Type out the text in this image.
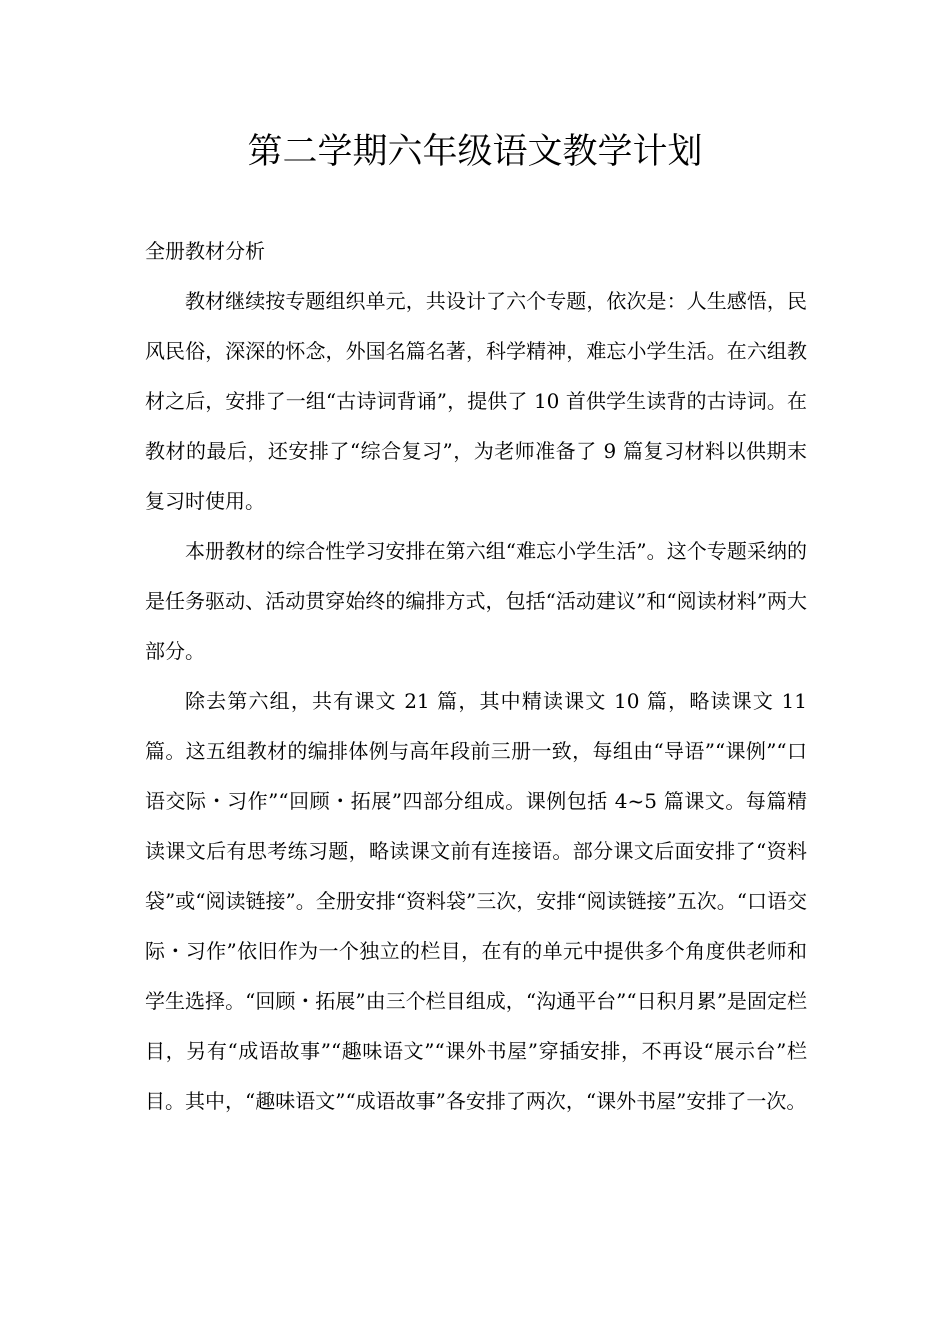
第二学期六年级语文教学计划

全册教材分析

教材继续按专题组织单元，共设计了六个专题，依次是：人生感悟，民风民俗，深深的怀念，外国名篇名著，科学精神，难忘小学生活。在六组教材之后，安排了一组“古诗词背诵”，提供了 10 首供学生读背的古诗词。在教材的最后，还安排了“综合复习”，为老师准备了 9 篇复习材料以供期末复习时使用。

本册教材的综合性学习安排在第六组“难忘小学生活”。这个专题采纳的是任务驱动、活动贯穿始终的编排方式，包括“活动建议”和“阅读材料”两大部分。

除去第六组，共有课文 21 篇，其中精读课文 10 篇，略读课文 11 篇。这五组教材的编排体例与高年段前三册一致，每组由“导语”“课例”“口语交际・习作”“回顾・拓展”四部分组成。课例包括 4~5 篇课文。每篇精读课文后有思考练习题，略读课文前有连接语。部分课文后面安排了“资料袋”或“阅读链接”。全册安排“资料袋”三次，安排“阅读链接”五次。“口语交际・习作”依旧作为一个独立的栏目，在有的单元中提供多个角度供老师和学生选择。“回顾・拓展”由三个栏目组成，“沟通平台”“日积月累”是固定栏目，另有“成语故事”“趣味语文”“课外书屋”穿插安排，不再设“展示台”栏目。其中，“趣味语文”“成语故事”各安排了两次，“课外书屋”安排了一次。
